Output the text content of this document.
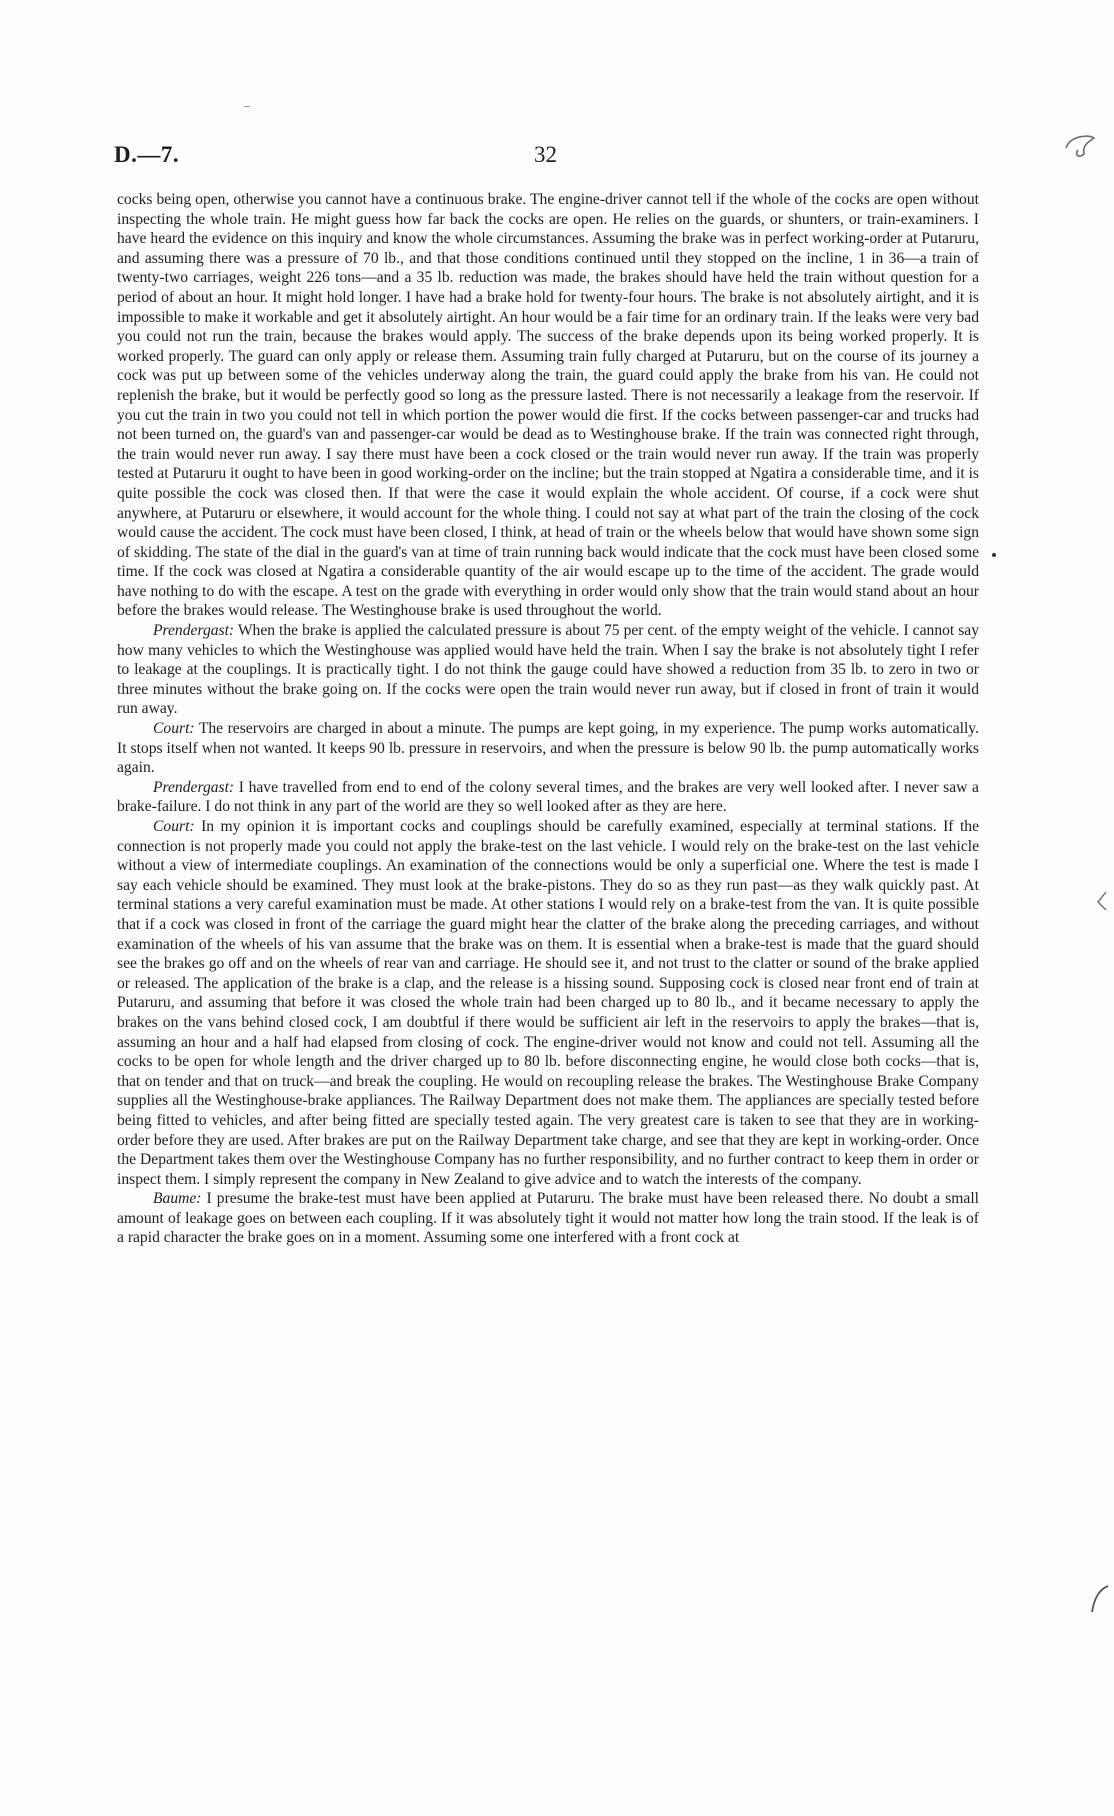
D.—7.	32

cocks being open, otherwise you cannot have a continuous brake. The engine-driver cannot tell if the whole of the cocks are open without inspecting the whole train. He might guess how far back the cocks are open. He relies on the guards, or shunters, or train-examiners. I have heard the evidence on this inquiry and know the whole circumstances. Assuming the brake was in perfect working-order at Putaruru, and assuming there was a pressure of 70 lb., and that those conditions continued until they stopped on the incline, 1 in 36—a train of twenty-two carriages, weight 226 tons—and a 35 lb. reduction was made, the brakes should have held the train without question for a period of about an hour. It might hold longer. I have had a brake hold for twenty-four hours. The brake is not absolutely airtight, and it is impossible to make it workable and get it absolutely airtight. An hour would be a fair time for an ordinary train. If the leaks were very bad you could not run the train, because the brakes would apply. The success of the brake depends upon its being worked properly. It is worked properly. The guard can only apply or release them. Assuming train fully charged at Putaruru, but on the course of its journey a cock was put up between some of the vehicles underway along the train, the guard could apply the brake from his van. He could not replenish the brake, but it would be perfectly good so long as the pressure lasted. There is not necessarily a leakage from the reservoir. If you cut the train in two you could not tell in which portion the power would die first. If the cocks between passenger-car and trucks had not been turned on, the guard's van and passenger-car would be dead as to Westinghouse brake. If the train was connected right through, the train would never run away. I say there must have been a cock closed or the train would never run away. If the train was properly tested at Putaruru it ought to have been in good working-order on the incline; but the train stopped at Ngatira a considerable time, and it is quite possible the cock was closed then. If that were the case it would explain the whole accident. Of course, if a cock were shut anywhere, at Putaruru or elsewhere, it would account for the whole thing. I could not say at what part of the train the closing of the cock would cause the accident. The cock must have been closed, I think, at head of train or the wheels below that would have shown some sign of skidding. The state of the dial in the guard's van at time of train running back would indicate that the cock must have been closed some time. If the cock was closed at Ngatira a considerable quantity of the air would escape up to the time of the accident. The grade would have nothing to do with the escape. A test on the grade with everything in order would only show that the train would stand about an hour before the brakes would release. The Westinghouse brake is used throughout the world.

Prendergast: When the brake is applied the calculated pressure is about 75 per cent. of the empty weight of the vehicle. I cannot say how many vehicles to which the Westinghouse was applied would have held the train. When I say the brake is not absolutely tight I refer to leakage at the couplings. It is practically tight. I do not think the gauge could have showed a reduction from 35 lb. to zero in two or three minutes without the brake going on. If the cocks were open the train would never run away, but if closed in front of train it would run away.

Court: The reservoirs are charged in about a minute. The pumps are kept going, in my experience. The pump works automatically. It stops itself when not wanted. It keeps 90 lb. pressure in reservoirs, and when the pressure is below 90 lb. the pump automatically works again.

Prendergast: I have travelled from end to end of the colony several times, and the brakes are very well looked after. I never saw a brake-failure. I do not think in any part of the world are they so well looked after as they are here.

Court: In my opinion it is important cocks and couplings should be carefully examined, especially at terminal stations. If the connection is not properly made you could not apply the brake-test on the last vehicle. I would rely on the brake-test on the last vehicle without a view of intermediate couplings. An examination of the connections would be only a superficial one. Where the test is made I say each vehicle should be examined. They must look at the brake-pistons. They do so as they run past—as they walk quickly past. At terminal stations a very careful examination must be made. At other stations I would rely on a brake-test from the van. It is quite possible that if a cock was closed in front of the carriage the guard might hear the clatter of the brake along the preceding carriages, and without examination of the wheels of his van assume that the brake was on them. It is essential when a brake-test is made that the guard should see the brakes go off and on the wheels of rear van and carriage. He should see it, and not trust to the clatter or sound of the brake applied or released. The application of the brake is a clap, and the release is a hissing sound. Supposing cock is closed near front end of train at Putaruru, and assuming that before it was closed the whole train had been charged up to 80 lb., and it became necessary to apply the brakes on the vans behind closed cock, I am doubtful if there would be sufficient air left in the reservoirs to apply the brakes—that is, assuming an hour and a half had elapsed from closing of cock. The engine-driver would not know and could not tell. Assuming all the cocks to be open for whole length and the driver charged up to 80 lb. before disconnecting engine, he would close both cocks—that is, that on tender and that on truck—and break the coupling. He would on recoupling release the brakes. The Westinghouse Brake Company supplies all the Westinghouse-brake appliances. The Railway Department does not make them. The appliances are specially tested before being fitted to vehicles, and after being fitted are specially tested again. The very greatest care is taken to see that they are in working-order before they are used. After brakes are put on the Railway Department take charge, and see that they are kept in working-order. Once the Department takes them over the Westinghouse Company has no further responsibility, and no further contract to keep them in order or inspect them. I simply represent the company in New Zealand to give advice and to watch the interests of the company.

Baume: I presume the brake-test must have been applied at Putaruru. The brake must have been released there. No doubt a small amount of leakage goes on between each coupling. If it was absolutely tight it would not matter how long the train stood. If the leak is of a rapid character the brake goes on in a moment. Assuming some one interfered with a front cock at
